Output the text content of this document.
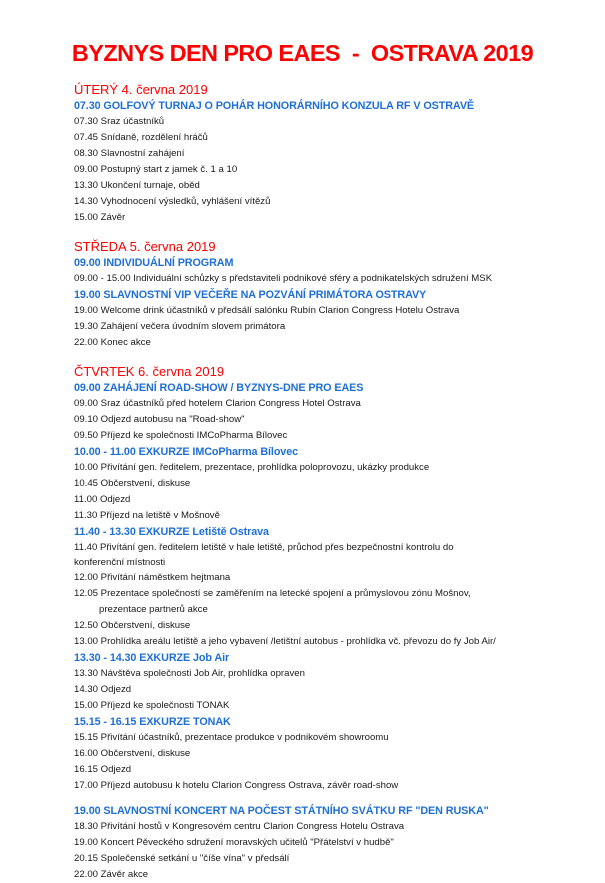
BYZNYS DEN PRO EAES  -  OSTRAVA 2019
ÚTERÝ 4. června 2019
07.30 GOLFOVÝ TURNAJ O POHÁR HONORÁRNÍHO KONZULA RF V OSTRAVĚ
07.30 Sraz účastníků
07.45 Snídaně, rozdělení hráčů
08.30 Slavnostní zahájení
09.00 Postupný start z jamek č. 1 a 10
13.30 Ukončení turnaje, oběd
14.30 Vyhodnocení výsledků, vyhlášení vítězů
15.00 Závěr
STŘEDA 5. června 2019
09.00 INDIVIDUÁLNÍ PROGRAM
09.00 - 15.00 Individuální schůzky s představiteli podnikové sféry a podnikatelských sdružení MSK
19.00 SLAVNOSTNÍ VIP VEČEŘE NA POZVÁNÍ PRIMÁTORA OSTRAVY
19.00 Welcome drink účastníků v předsálí salónku Rubín Clarion Congress Hotelu Ostrava
19.30 Zahájení večera úvodním slovem primátora
22.00 Konec akce
ČTVRTEK 6. června 2019
09.00 ZAHÁJENÍ ROAD-SHOW / BYZNYS-DNE PRO EAES
09.00 Sraz účastníků před hotelem Clarion Congress Hotel Ostrava
09.10 Odjezd autobusu na "Road-show"
09.50 Příjezd ke společnosti IMCoPharma Bílovec
10.00 - 11.00 EXKURZE IMCoPharma Bílovec
10.00 Přivítání gen. ředitelem, prezentace, prohlídka poloprovozu, ukázky produkce
10.45 Občerstvení, diskuse
11.00 Odjezd
11.30 Příjezd na letiště v Mošnově
11.40 - 13.30 EXKURZE Letiště Ostrava
11.40 Přivítání gen. ředitelem letiště v hale letiště, průchod přes bezpečnostní kontrolu do konferenční místnosti
12.00 Přivítání náměstkem hejtmana
12.05 Prezentace společností se zaměřením na letecké spojení a průmyslovou zónu Mošnov,
prezentace partnerů akce
12.50 Občerstvení, diskuse
13.00 Prohlídka areálu letiště a jeho vybavení /letištní autobus - prohlídka vč. převozu do fy Job Air/
13.30 - 14.30 EXKURZE Job Air
13.30 Návštěva společnosti Job Air, prohlídka opraven
14.30 Odjezd
15.00 Příjezd ke společnosti TONAK
15.15 - 16.15 EXKURZE TONAK
15.15 Přivítání účastníků, prezentace produkce v podnikovém showroomu
16.00 Občerstvení, diskuse
16.15 Odjezd
17.00 Příjezd autobusu k hotelu Clarion Congress Ostrava, závěr road-show
19.00 SLAVNOSTNÍ KONCERT NA POČEST STÁTNÍHO SVÁTKU RF "DEN RUSKA"
18.30 Přivítání hostů v Kongresovém centru Clarion Congress Hotelu Ostrava
19.00 Koncert Pěveckého sdružení moravských učitelů "Přátelství v hudbě"
20.15 Společenské setkání u "číše vína" v předsálí
22.00 Závěr akce
